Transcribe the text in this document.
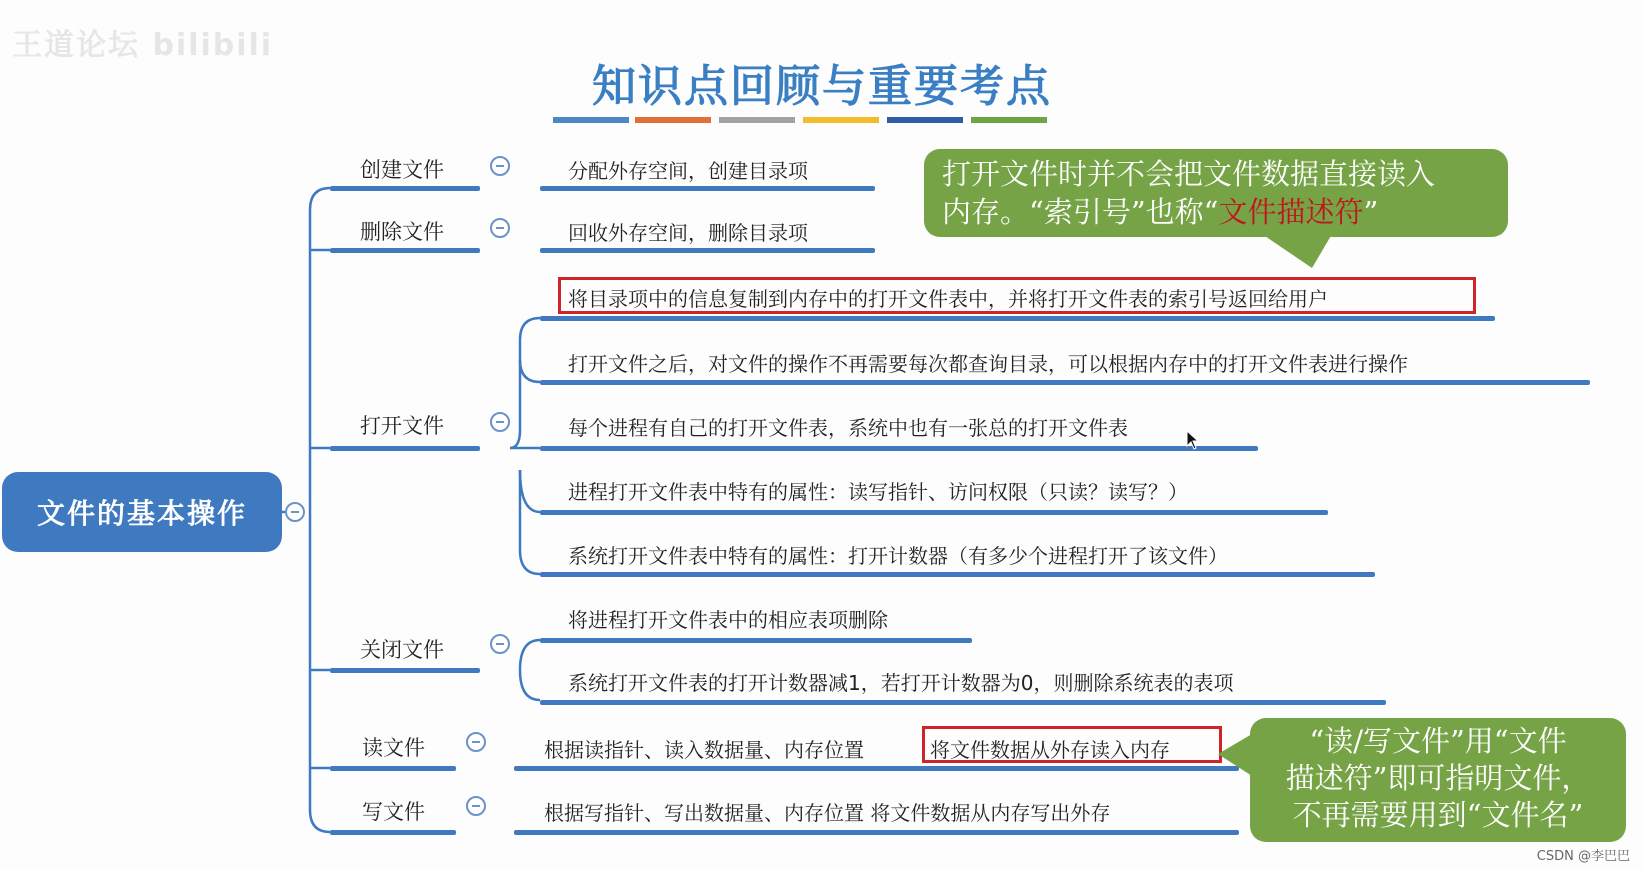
王道论坛 bilibili
知识点回顾与重要考点
文件的基本操作
创建文件	分配外存空间，创建目录项
删除文件	回收外存空间，删除目录项
打开文件
将目录项中的信息复制到内存中的打开文件表中，并将打开文件表的索引号返回给用户
打开文件之后，对文件的操作不再需要每次都查询目录，可以根据内存中的打开文件表进行操作
每个进程有自己的打开文件表，系统中也有一张总的打开文件表
进程打开文件表中特有的属性：读写指针、访问权限（只读？读写？）
系统打开文件表中特有的属性：打开计数器（有多少个进程打开了该文件）
关闭文件
将进程打开文件表中的相应表项删除
系统打开文件表的打开计数器减1，若打开计数器为0，则删除系统表的表项
读文件	根据读指针、读入数据量、内存位置	将文件数据从外存读入内存
写文件	根据写指针、写出数据量、内存位置 将文件数据从内存写出外存
打开文件时并不会把文件数据直接读入
内存。“索引号”也称“文件描述符”
“读/写文件”用“文件
描述符”即可指明文件，
不再需要用到“文件名”
CSDN @李巴巴
